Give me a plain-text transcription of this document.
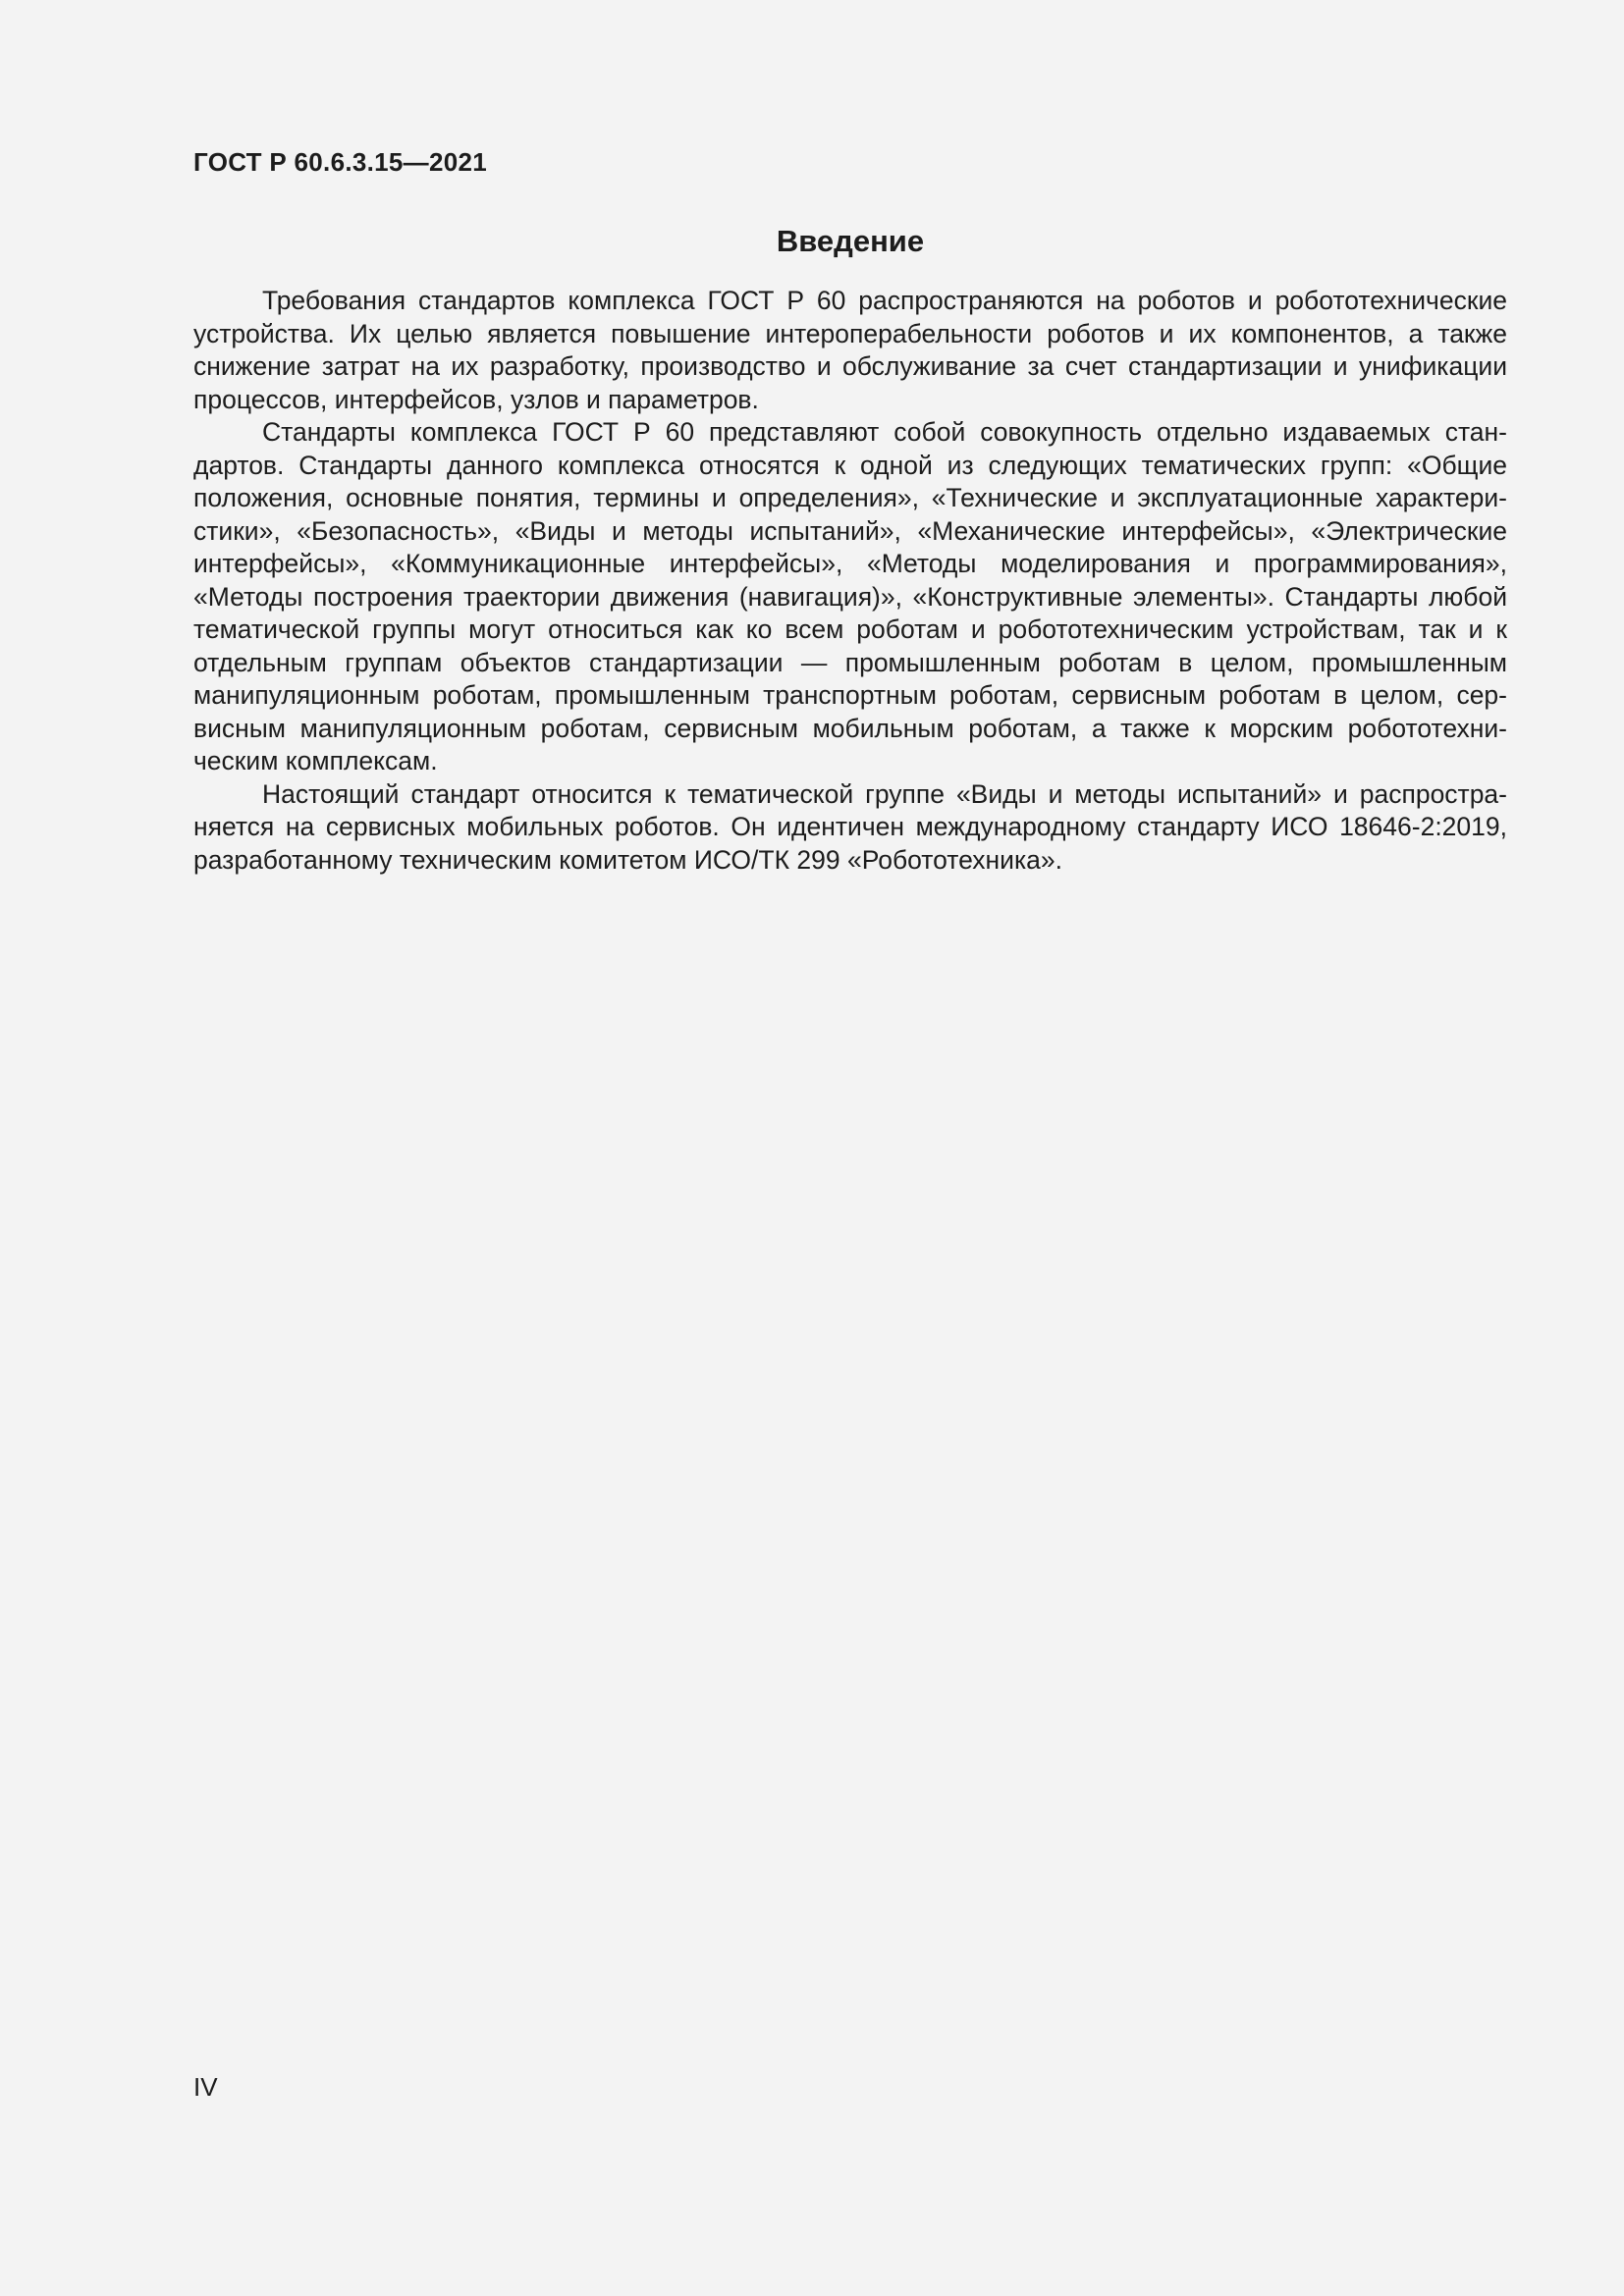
ГОСТ Р 60.6.3.15—2021
Введение

Требования стандартов комплекса ГОСТ Р 60 распространяются на роботов и робототехнические устройства. Их целью является повышение интероперабельности роботов и их компонентов, а также снижение затрат на их разработку, производство и обслуживание за счет стандартизации и унификации процессов, интерфейсов, узлов и параметров.

Стандарты комплекса ГОСТ Р 60 представляют собой совокупность отдельно издаваемых стандартов. Стандарты данного комплекса относятся к одной из следующих тематических групп: «Общие положения, основные понятия, термины и определения», «Технические и эксплуатационные характеристики», «Безопасность», «Виды и методы испытаний», «Механические интерфейсы», «Электрические интерфейсы», «Коммуникационные интерфейсы», «Методы моделирования и программирования», «Методы построения траектории движения (навигация)», «Конструктивные элементы». Стандарты любой тематической группы могут относиться как ко всем роботам и робототехническим устройствам, так и к отдельным группам объектов стандартизации — промышленным роботам в целом, промышленным манипуляционным роботам, промышленным транспортным роботам, сервисным роботам в целом, сервисным манипуляционным роботам, сервисным мобильным роботам, а также к морским робототехническим комплексам.

Настоящий стандарт относится к тематической группе «Виды и методы испытаний» и распространяется на сервисных мобильных роботов. Он идентичен международному стандарту ИСО 18646-2:2019, разработанному техническим комитетом ИСО/ТК 299 «Робототехника».

IV
